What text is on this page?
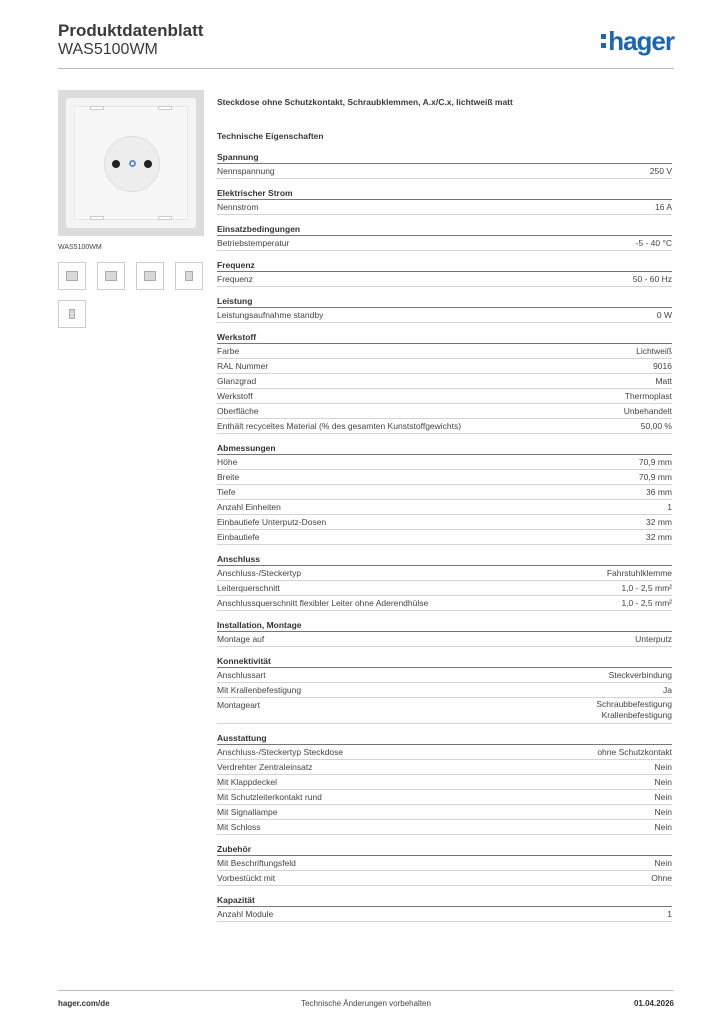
Produktdatenblatt
WAS5100WM	hager
WAS5100WM
Steckdose ohne Schutzkontakt, Schraubklemmen, A.x/C.x, lichtweiß matt
Technische Eigenschaften
Spannung
Nennspannung	250 V
Elektrischer Strom
Nennstrom	16 A
Einsatzbedingungen
Betriebstemperatur	-5 - 40 °C
Frequenz
Frequenz	50 - 60 Hz
Leistung
Leistungsaufnahme standby	0 W
Werkstoff
Farbe	Lichtweiß
RAL Nummer	9016
Glanzgrad	Matt
Werkstoff	Thermoplast
Oberfläche	Unbehandelt
Enthält recyceltes Material (% des gesamten Kunststoffgewichts)	50,00 %
Abmessungen
Höhe	70,9 mm
Breite	70,9 mm
Tiefe	36 mm
Anzahl Einheiten	1
Einbautiefe Unterputz-Dosen	32 mm
Einbautiefe	32 mm
Anschluss
Anschluss-/Steckertyp	Fahrstuhlklemme
Leiterquerschnitt	1,0 - 2,5 mm²
Anschlussquerschnitt flexibler Leiter ohne Aderendhülse	1,0 - 2,5 mm²
Installation, Montage
Montage auf	Unterputz
Konnektivität
Anschlussart	Steckverbindung
Mit Krallenbefestigung	Ja
Montageart	Schraubbefestigung
Krallenbefestigung
Ausstattung
Anschluss-/Steckertyp Steckdose	ohne Schutzkontakt
Verdrehter Zentraleinsatz	Nein
Mit Klappdeckel	Nein
Mit Schutzleiterkontakt rund	Nein
Mit Signallampe	Nein
Mit Schloss	Nein
Zubehör
Mit Beschriftungsfeld	Nein
Vorbestückt mit	Ohne
Kapazität
Anzahl Module	1
hager.com/de	Technische Änderungen vorbehalten	01.04.2026
